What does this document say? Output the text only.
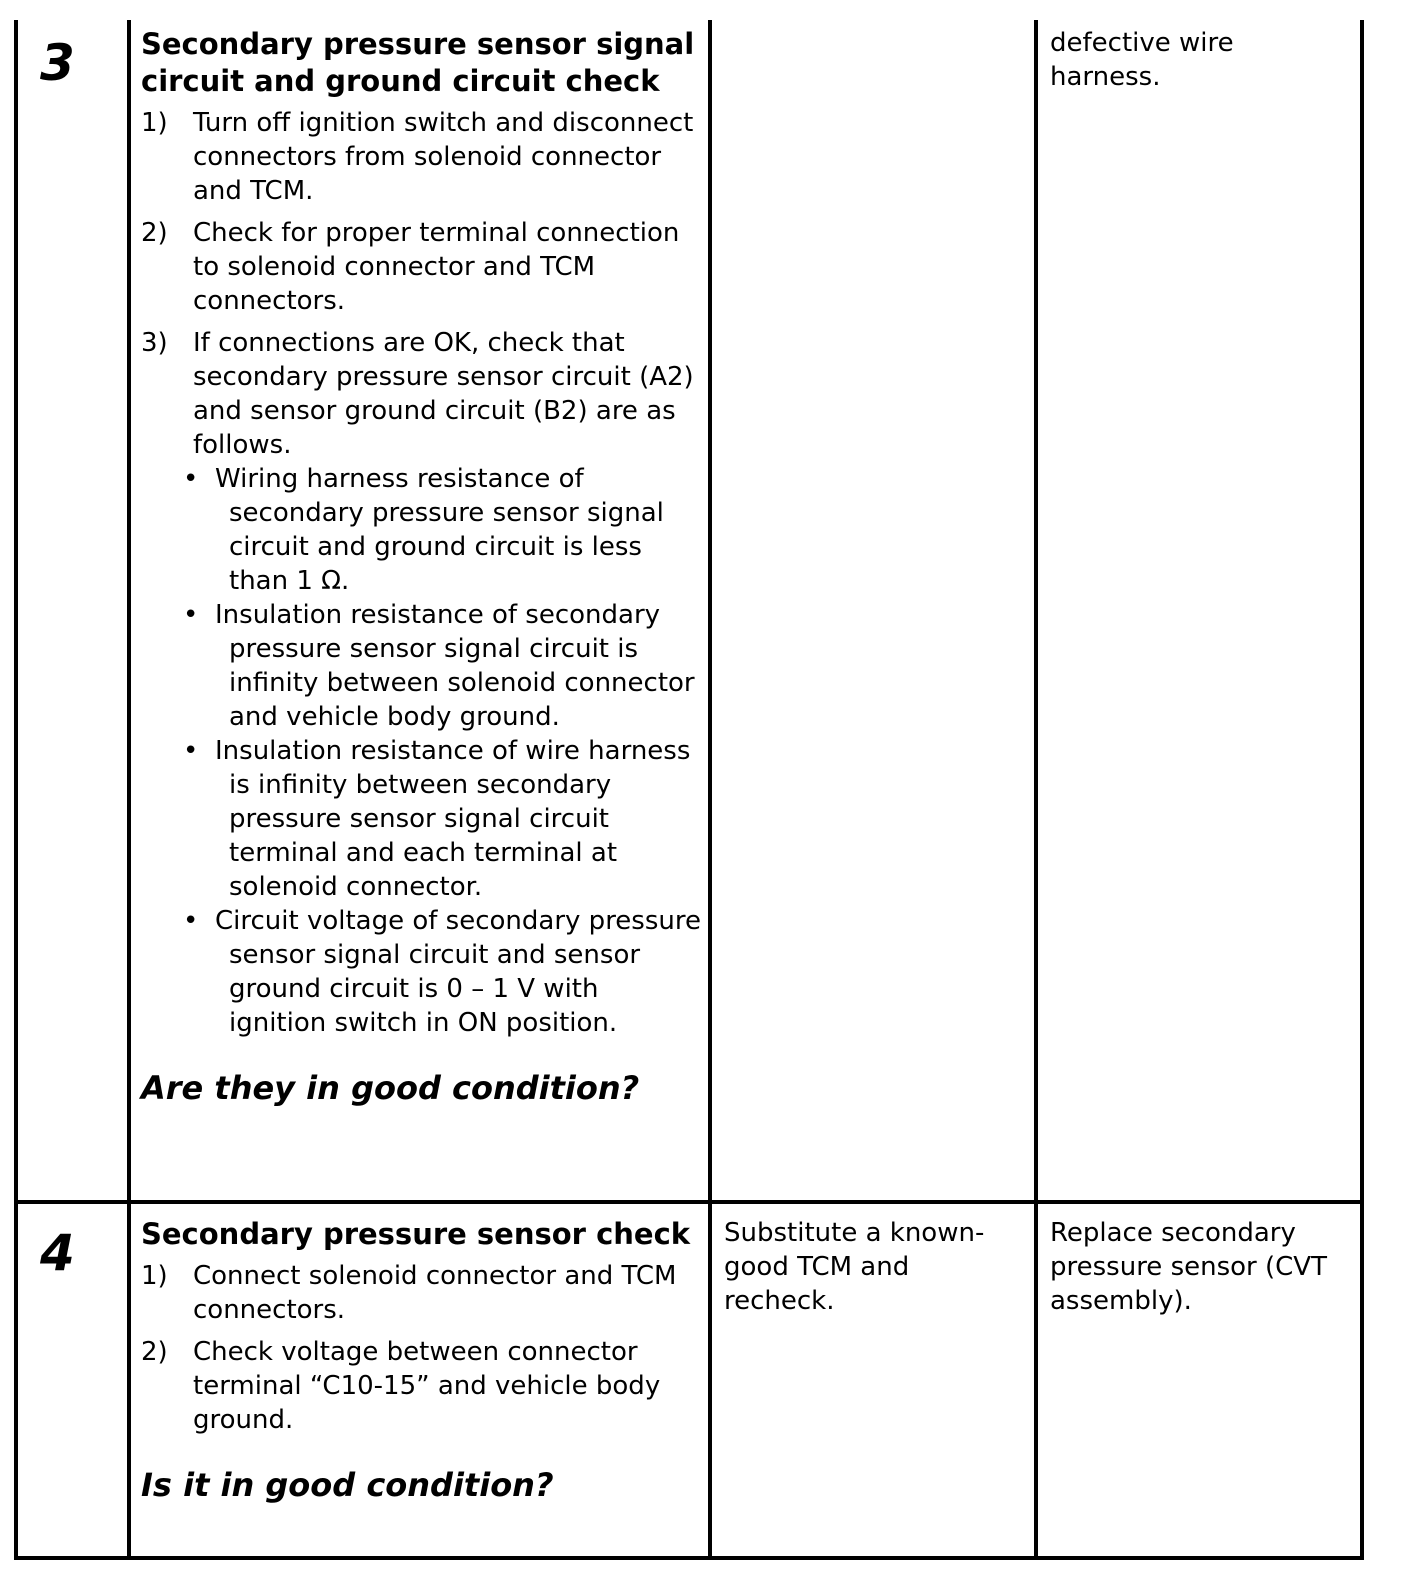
3 Secondary pressure sensor signal circuit and ground circuit check
1) Turn off ignition switch and disconnect connectors from solenoid connector and TCM.
2) Check for proper terminal connection to solenoid connector and TCM connectors.
3) If connections are OK, check that secondary pressure sensor circuit (A2) and sensor ground circuit (B2) are as follows.
• Wiring harness resistance of secondary pressure sensor signal circuit and ground circuit is less than 1 Ω.
• Insulation resistance of secondary pressure sensor signal circuit is infinity between solenoid connector and vehicle body ground.
• Insulation resistance of wire harness is infinity between secondary pressure sensor signal circuit terminal and each terminal at solenoid connector.
• Circuit voltage of secondary pressure sensor signal circuit and sensor ground circuit is 0 – 1 V with ignition switch in ON position.
Are they in good condition?
defective wire harness.
4 Secondary pressure sensor check
1) Connect solenoid connector and TCM connectors.
2) Check voltage between connector terminal “C10-15” and vehicle body ground.
Is it in good condition?
Substitute a known-good TCM and recheck.
Replace secondary pressure sensor (CVT assembly).
